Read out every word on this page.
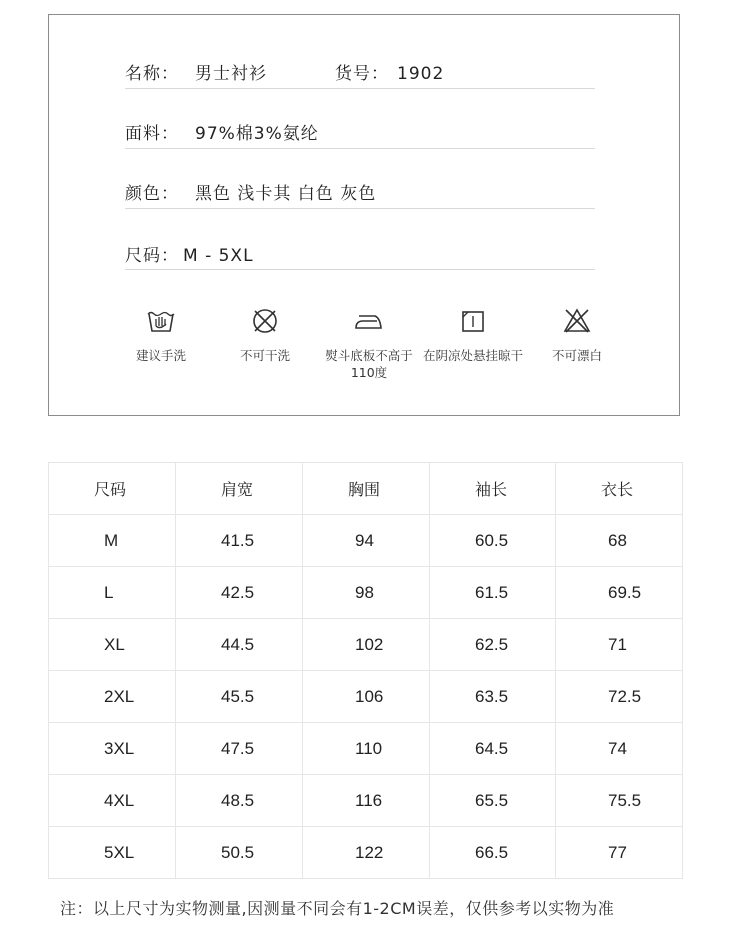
名称： 男士衬衫	货号： 1902
面料： 97%棉3%氨纶
颜色： 黑色 浅卡其 白色 灰色
尺码： M - 5XL
建议手洗	不可干洗	熨斗底板不高于110度
在阴凉处悬挂晾干	不可漂白
尺码	肩宽	胸围	袖长	衣长
M	41.5	94	60.5	68
L	42.5	98	61.5	69.5
XL	44.5	102	62.5	71
2XL	45.5	106	63.5	72.5
3XL	47.5	110	64.5	74
4XL	48.5	116	65.5	75.5
5XL	50.5	122	66.5	77
注：以上尺寸为实物测量,因测量不同会有1-2CM误差，仅供参考以实物为准
